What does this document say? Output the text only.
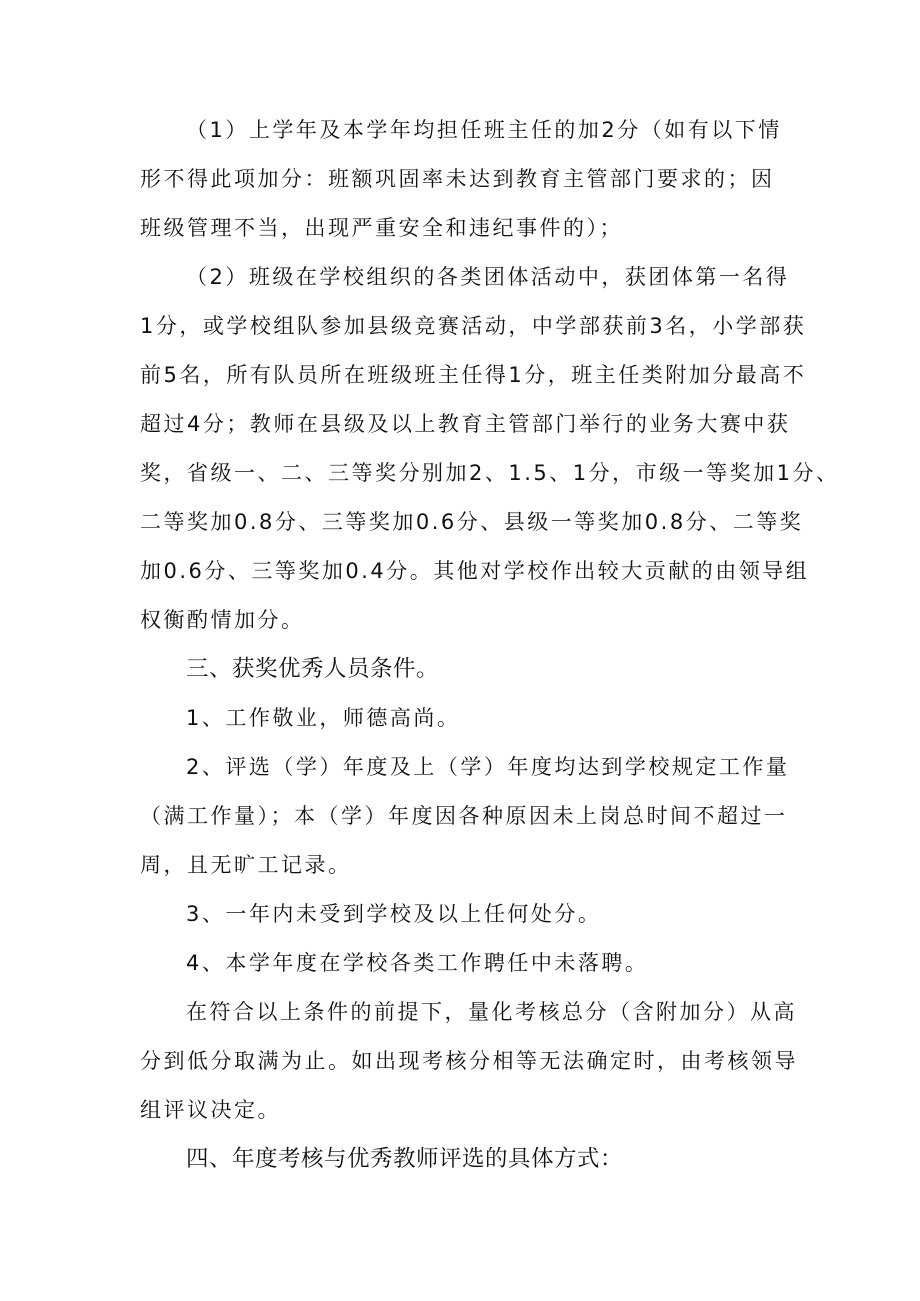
（1）上学年及本学年均担任班主任的加2分（如有以下情
形不得此项加分：班额巩固率未达到教育主管部门要求的；因
班级管理不当，出现严重安全和违纪事件的）；
（2）班级在学校组织的各类团体活动中，获团体第一名得
1分，或学校组队参加县级竞赛活动，中学部获前3名，小学部获
前5名，所有队员所在班级班主任得1分，班主任类附加分最高不
超过4分；教师在县级及以上教育主管部门举行的业务大赛中获
奖，省级一、二、三等奖分别加2、1.5、1分，市级一等奖加1分、
二等奖加0.8分、三等奖加0.6分、县级一等奖加0.8分、二等奖
加0.6分、三等奖加0.4分。其他对学校作出较大贡献的由领导组
权衡酌情加分。
三、获奖优秀人员条件。
1、工作敬业，师德高尚。
2、评选（学）年度及上（学）年度均达到学校规定工作量
（满工作量）；本（学）年度因各种原因未上岗总时间不超过一
周，且无旷工记录。
3、一年内未受到学校及以上任何处分。
4、本学年度在学校各类工作聘任中未落聘。
在符合以上条件的前提下，量化考核总分（含附加分）从高
分到低分取满为止。如出现考核分相等无法确定时，由考核领导
组评议决定。
四、年度考核与优秀教师评选的具体方式：
